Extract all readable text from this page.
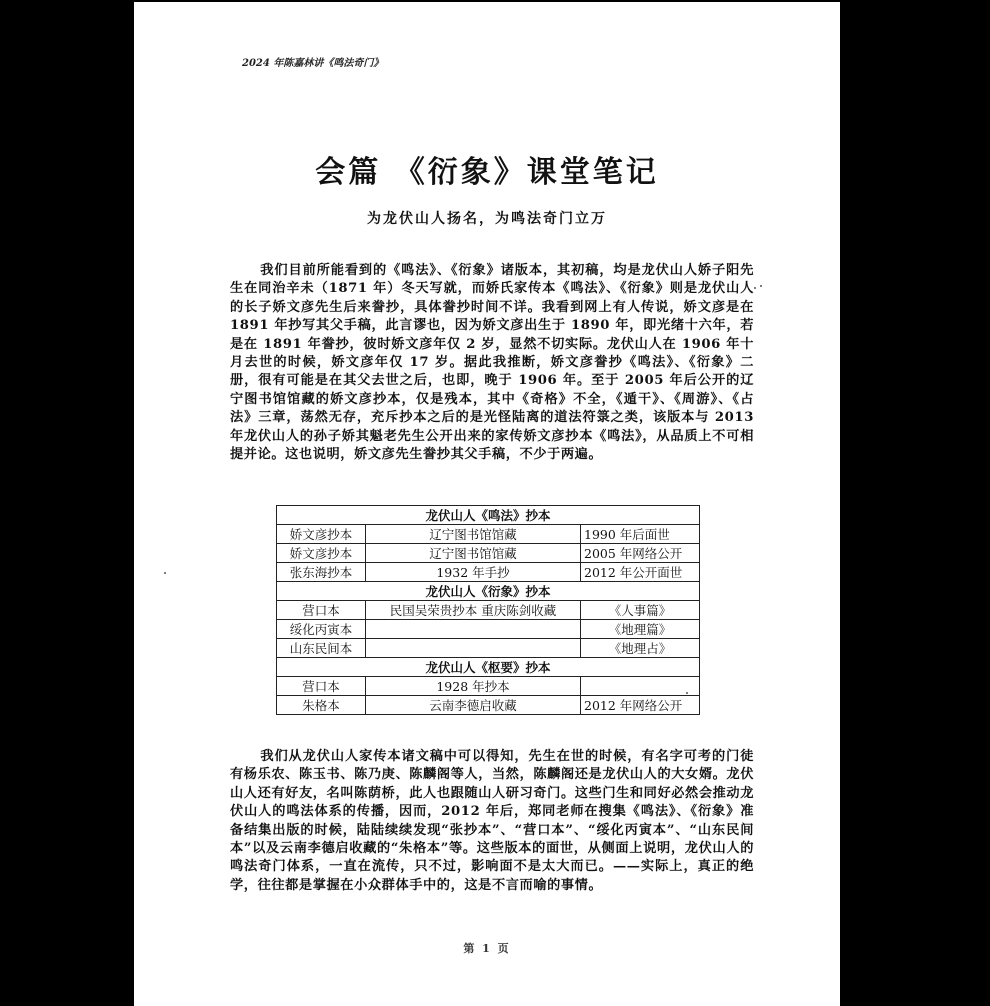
2024 年陈嘉林讲《鸣法奇门》
会篇 《衍象》课堂笔记
为龙伏山人扬名，为鸣法奇门立万
我们目前所能看到的《鸣法》、《衍象》诸版本，其初稿，均是龙伏山人娇子阳先生在同治辛未（1871 年）冬天写就，而娇氏家传本《鸣法》、《衍象》则是龙伏山人的长子娇文彦先生后来誊抄，具体誊抄时间不详。我看到网上有人传说，娇文彦是在 1891 年抄写其父手稿，此言谬也，因为娇文彦出生于 1890 年，即光绪十六年，若是在 1891 年誊抄，彼时娇文彦年仅 2 岁，显然不切实际。龙伏山人在 1906 年十月去世的时候，娇文彦年仅 17 岁。据此我推断，娇文彦誊抄《鸣法》、《衍象》二册，很有可能是在其父去世之后，也即，晚于 1906 年。至于 2005 年后公开的辽宁图书馆馆藏的娇文彦抄本，仅是残本，其中《奇格》不全，《遁干》、《周游》、《占法》三章，荡然无存，充斥抄本之后的是光怪陆离的道法符箓之类，该版本与 2013 年龙伏山人的孙子娇其魁老先生公开出来的家传娇文彦抄本《鸣法》，从品质上不可相提并论。这也说明，娇文彦先生誊抄其父手稿，不少于两遍。
龙伏山人《鸣法》抄本		
娇文彦抄本	辽宁图书馆馆藏	1990 年后面世
娇文彦抄本	辽宁图书馆馆藏	2005 年网络公开
张东海抄本	1932 年手抄	2012 年公开面世
龙伏山人《衍象》抄本		
营口本	民国吴荣贵抄本 重庆陈剑收藏	《人事篇》
绥化丙寅本		《地理篇》
山东民间本		《地理占》
龙伏山人《枢要》抄本		
营口本	1928 年抄本	
朱格本	云南李德启收藏	2012 年网络公开
我们从龙伏山人家传本诸文稿中可以得知，先生在世的时候，有名字可考的门徒有杨乐农、陈玉书、陈乃庚、陈麟阁等人，当然，陈麟阁还是龙伏山人的大女婿。龙伏山人还有好友，名叫陈荫桥，此人也跟随山人研习奇门。这些门生和同好必然会推动龙伏山人的鸣法体系的传播，因而，2012 年后，郑同老师在搜集《鸣法》、《衍象》准备结集出版的时候，陆陆续续发现“张抄本”、“营口本”、“绥化丙寅本”、“山东民间本”以及云南李德启收藏的“朱格本”等。这些版本的面世，从侧面上说明，龙伏山人的鸣法奇门体系，一直在流传，只不过，影响面不是太大而已。——实际上，真正的绝学，往往都是掌握在小众群体手中的，这是不言而喻的事情。
第 1 页
